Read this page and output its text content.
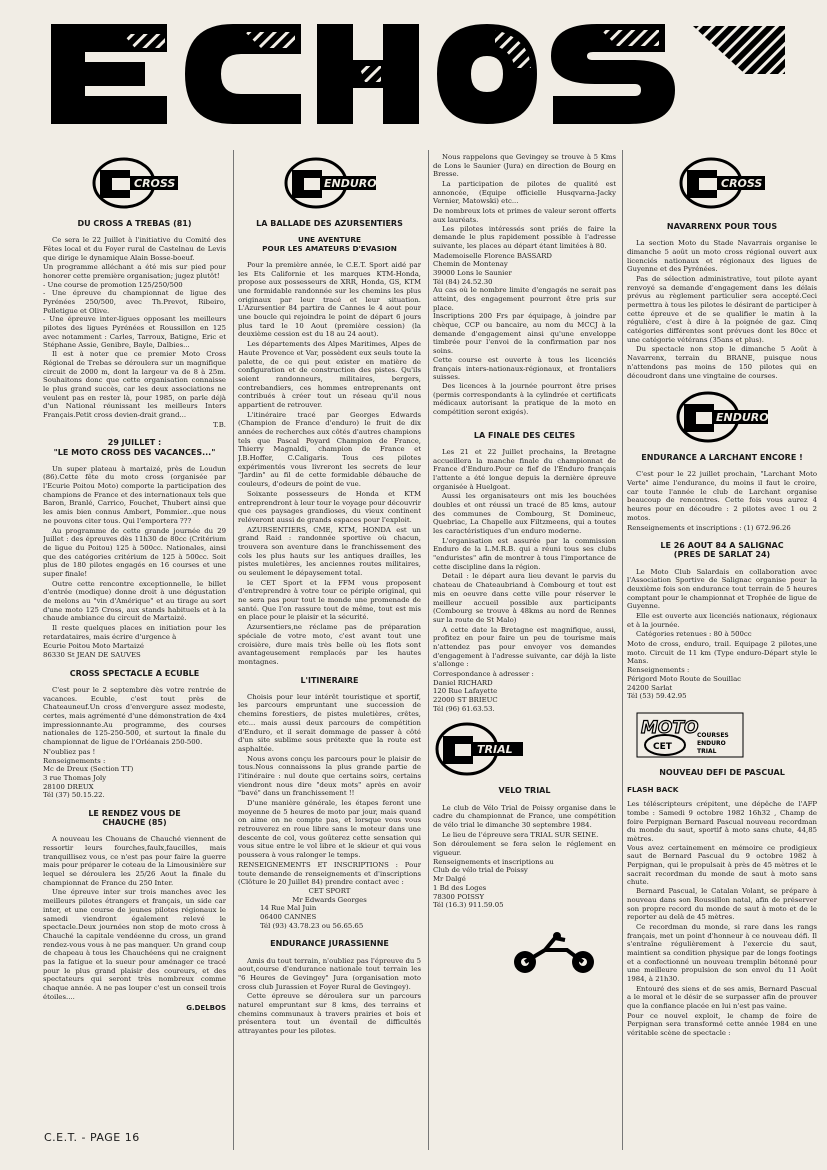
CROSS
DU CROSS A TREBAS (81)
Ce sera le 22 Juillet à l'initiative du Comité des Fêtes local et du Foyer rural de Castelnau de Levis que dirige le dynamique Alain Bosse-boeuf.
Un programme alléchant a été mis sur pied pour honorer cette première organisation; jugez plutôt!
- Une course de promotion 125/250/500
- Une épreuve du championnat de ligue des Pyrénées 250/500, avec Th.Prevot, Ribeiro, Pelletigue et Olive.
- Une épreuve inter-ligues opposant les meilleurs pilotes des ligues Pyrénées et Roussillon en 125 avec notamment : Carles, Tarroux, Batigne, Eric et Stéphane Assie, Genibre, Bayle, Dalbies...
Il est à noter que ce premier Moto Cross Régional de Trebas se déroulera sur un magnifique circuit de 2000 m, dont la largeur va de 8 à 25m. Souhaitons donc que cette organisation connaisse le plus grand succès, car les deux associations ne veulent pas en rester là, pour 1985, on parle déjà d'un National réunissant les meilleurs Inters Français.Petit cross devien-drait grand...
T.B.
29 JUILLET :
"LE MOTO CROSS DES VACANCES..."
Un super plateau à martaizé, près de Loudun (86).Cette fête du moto cross (organisée par l'Ecurie Poitou Moto) comporte la participation des champions de France et des internationaux tels que Baron, Branlé, Carrico, Fouchet, Thubert ainsi que les amis bien connus Ambert, Pommier...que nous ne pouvons citer tous. Qui l'emportera ???
Au programme de cette grande journée du 29 Juillet : des épreuves dès 11h30 de 80cc (Critérium de ligue du Poitou) 125 à 500cc. Nationales, ainsi que des catégories critérium de 125 à 500cc. Soit plus de 180 pilotes engagés en 16 courses et une super finale!
Outre cette rencontre exceptionnelle, le billet d'entrée (modique) donne droit à une dégustation de melons au "vin d'Amérique" et au tirage au sort d'une moto 125 Cross, aux stands habituels et à la chaude ambiance du circuit de Martaizé.
Il reste quelques places en initiation pour les retardataires, mais écrire d'urgence à
Ecurie Poitou Moto Martaizé
86330 St JEAN DE SAUVES
CROSS SPECTACLE A ECUBLE
C'est pour le 2 septembre dès votre rentrée de vacances. Ecuble, c'est tout près de Chateauneuf.Un cross d'envergure assez modeste, certes, mais agrémenté d'une démonstration de 4x4 impressionnante.Au programme, des courses nationales de 125-250-500, et surtout la finale du championnat de ligue de l'Orléanais 250-500.
N'oubliez pas !
Renseignements :
Mc de Dreux (Section TT)
3 rue Thomas Joly
28100 DREUX
Tél (37) 50.15.22.
LE RENDEZ VOUS DE
CHAUCHE (85)
A nouveau les Chouans de Chauché viennent de ressortir leurs fourches,faulx,faucilles, mais tranquillisez vous, ce n'est pas pour faire la guerre mais pour préparer le coteau de la Limousinière sur lequel se déroulera les 25/26 Aout la finale du championnat de France du 250 Inter.
Une épreuve inter sur trois manches avec les meilleurs pilotes étrangers et français, un side car inter, et une course de jeunes pilotes régionaux le samedi viendront également relevé le spectacle.Deux journées non stop de moto cross à Chauché la capitale vendéenne du cross, un grand rendez-vous vous à ne pas manquer. Un grand coup de chapeau à tous les Chauchéens qui ne craignent pas la fatigue et la sueur pour aménager ce tracé pour le plus grand plaisir des coureurs, et des spectateurs qui seront très nombreux comme chaque année. A ne pas louper c'est un conseil trois étoiles....
G.DELBOS
ENDURO
LA BALLADE DES AZURSENTIERS
UNE AVENTURE
POUR LES AMATEURS D'EVASION
Pour la première année, le C.E.T. Sport aidé par les Ets Californie et les marques KTM-Honda, propose aux possesseurs de XRR, Honda, GS, KTM une formidable randonnée sur les chemins les plus originaux par leur tracé et leur situation. L'Azursentier 84 partira de Cannes le 4 aout pour une boucle qui rejoindra le point de départ 6 jours plus tard le 10 Aout (première cession) (la deuxième cession est du 18 au 24 aout).
Les départements des Alpes Maritimes, Alpes de Haute Provence et Var, possèdent eux seuls toute la palette, de ce qui peut exister en matière de configuration et de construction des pistes. Qu'ils soient randonneurs, militaires, bergers, contrebandiers, ces hommes entreprenants ont contribués à créer tout un réseau qu'il nous appartient de retrouver.
L'itinéraire tracé par Georges Edwards (Champion de France d'enduro) le fruit de dix années de recherches aux côtés d'autres champions tels que Pascal Poyard Champion de France, Thierry Magnaldi, champion de France et J.B.Hoffer, C.Caligaris. Tous ces pilotes expérimentés vous livreront les secrets de leur "Jardin" au fil de cette formidable débauche de couleurs, d'odeurs de point de vue.
Soixante possesseurs de Honda et KTM entreprendront à leur tour le voyage pour découvrir que ces paysages grandioses, du vieux continent reléveront aussi de grands espaces pour l'exploit.
AZURSENTIERS, CME, KTM, HONDA est un grand Raid : randonnée sportive où chacun, trouvera son aventure dans le franchissement des cols les plus hauts sur les antiques drailles, les pistes muletières, les anciennes routes militaires, ou seulement le dépaysement total.
le CET Sport et la FFM vous proposent d'entreprendre à votre tour ce périple original, qui ne sera pas pour tout le monde une promenade de santé. Que l'on rassure tout de même, tout est mis en place pour le plaisir et la sécurité.
Azursentiers,ne réclame pas de préparation spéciale de votre moto, c'est avant tout une croisière, dure mais très belle où les flots sont avantageusement remplacés par les hautes montagnes.
L'ITINERAIRE
Choisis pour leur intérêt touristique et sportif, les parcours empruntant une succession de chemins forestiers, de pistes muletières, crêtes, etc... mais aussi deux parcours de compétition d'Enduro, et il serait dommage de passer à côté d'un site sublime sous prétexte que la route est asphaltée.
Nous avons conçu les parcours pour le plaisir de tous.Nous connaissons la plus grande partie de l'itinéraire : nul doute que certains soirs, certains viendront nous dire "deux mots" après en avoir "bavé" dans un franchissement !!
D'une manière générale, les étapes feront une moyenne de 5 heures de moto par jour, mais quand on aime on ne compte pas, et lorsque vous vous retrouverez en roue libre sans le moteur dans une descente de col, vous goûterez cette sensation qui vous situe entre le vol libre et le skieur et qui vous poussera à vous ralonger le temps.
RENSEIGNEMENTS ET INSCRIPTIONS : Pour toute demande de renseignements et d'inscriptions (Clôture le 20 Juillet 84) prendre contact avec :
CET SPORT
Mr Edwards Georges
14 Rue Mal Juin
06400 CANNES
Tél (93) 43.78.23 ou 56.65.65
ENDURANCE JURASSIENNE
Amis du tout terrain, n'oubliez pas l'épreuve du 5 aout,course d'endurance nationale tout terrain les "6 Heures de Gevingey" Jura (organisation moto cross club Jurassien et Foyer Rural de Gevingey).
Cette épreuve se déroulera sur un parcours naturel empruntant sur 8 kms, des terrains et chemins communaux à travers prairies et bois et présentera tout un éventail de difficultés attrayantes pour les pilotes.
Nous rappelons que Gevingey se trouve à 5 Kms de Lons le Saunier (Jura) en direction de Bourg en Bresse.
La participation de pilotes de qualité est annoncée, (Equipe officielle Husqvarna-Jacky Vernier, Matowski) etc...
De nombreux lots et primes de valeur seront offerts aux lauréats.
Les pilotes intéressés sont priés de faire la demande le plus rapidement possible à l'adresse suivante, les places au départ étant limitées à 80.
Mademoiselle Florence BASSARD
Chemin de Montenay
39000 Lons le Saunier
Tél (84) 24.52.30
Au cas où le nombre limite d'engagés ne serait pas atteint, des engagement pourront être pris sur place.
Inscriptions 200 Frs par équipage, à joindre par chèque, CCP ou bancaire, au nom du MCCJ à la demande d'engagement ainsi qu'une enveloppe timbrée pour l'envoi de la confirmation par nos soins.
Cette course est ouverte à tous les licenciés français inters-nationaux-régionaux, et frontaliers suisses.
Des licences à la journée pourront être prises (permis correspondants à la cylindrée et certificats médicaux autorisant la pratique de la moto en compétition seront exigés).
LA FINALE DES CELTES
Les 21 et 22 Juillet prochains, la Bretagne accueillera la manche finale du championnat de France d'Enduro.Pour ce fief de l'Enduro français l'attente a été longue depuis la dernière épreuve organisée à Huelgoat.
Aussi les organisateurs ont mis les bouchées doubles et ont réussi un tracé de 85 kms, autour des communes de Combourg, St Domineuc, Quebriac, La Chapelle aux Filtzmeens, qui a toutes les caractéristiques d'un enduro moderne.
L'organisation est assurée par la commission Enduro de la L.M.R.B. qui a réuni tous ses clubs "enduristes" afin de montrer à tous l'importance de cette discipline dans la région.
Detail : le départ aura lieu devant le parvis du chateau de Chateaubriand à Combourg et tout est mis en oeuvre dans cette ville pour réserver le meilleur accueil possible aux participants (Combourg se trouve à 48kms au nord de Rennes sur la route de St Malo)
A cette date la Bretagne est magnifique, aussi, profitez en pour faire un peu de tourisme mais n'attendez pas pour envoyer vos demandes d'engagement à l'adresse suivante, car déjà la liste s'allonge :
Correspondance à adresser :
Daniel RICHARD
120 Rue Lafayette
22000 ST BRIEUC
Tél (96) 61.63.53.
TRIAL
VELO TRIAL
Le club de Vélo Trial de Poissy organise dans le cadre du championnat de France, une compétition de vélo trial le dimanche 30 septembre 1984.
Le lieu de l'épreuve sera TRIAL SUR SEINE.
Son déroulement se fera selon le réglement en vigueur.
Renseignements et inscriptions au
Club de vélo trial de Poissy
Mr Dalgé
1 Bd des Loges
78300 POISSY
Tél (16.3) 911.59.05
CROSS
NAVARRENX POUR TOUS
La section Moto du Stade Navarrais organise le dimanche 5 août un moto cross régional ouvert aux licenciés nationaux et régionaux des ligues de Guyenne et des Pyrénées.
Pas de sélection administrative, tout pilote ayant renvoyé sa demande d'engagement dans les délais prévus au règlement particulier sera accepté.Ceci permettra à tous les pilotes le désirant de participer à cette épreuve et de se qualifier le matin à la régulière, c'est à dire à la poignée de gaz. Cinq catégories différentes sont prévues dont les 80cc et une catégorie vétérans (35ans et plus).
Du spectacle non stop le dimanche 5 Août à Navarrenx, terrain du BRANE, puisque nous n'attendons pas moins de 150 pilotes qui en découdront dans une vingtaine de courses.
ENDURO
ENDURANCE A LARCHANT ENCORE !
C'est pour le 22 juillet prochain, "Larchant Moto Verte" aime l'endurance, du moins il faut le croire, car toute l'année le club de Larchant organise beaucoup de rencontres. Cette fois vous aurez 4 heures pour en découdre : 2 pilotes avec 1 ou 2 motos.
Renseignements et inscriptions : (1) 672.96.26
LE 26 AOUT 84 A SALIGNAC
(PRES DE SARLAT 24)
Le Moto Club Salardais en collaboration avec l'Association Sportive de Salignac organise pour la deuxième fois son endurance tout terrain de 5 heures comptant pour le championnat et Trophée de ligue de Guyenne.
Elle est ouverte aux licenciés nationaux, régionaux et à la journée.
Catégories retenues : 80 à 500cc
Moto de cross, enduro, trail. Equipage 2 pilotes,une moto. Circuit de 11 km (Type enduro-Départ style le Mans.
Renseignements :
Périgord Moto Route de Souillac
24200 Sarlat
Tél (53) 59.42.95
MOTO
CET
COURSES
ENDURO
TRIAL
NOUVEAU DEFI DE PASCUAL
FLASH BACK
Les téléscripteurs crépitent, une dépêche de l'AFP tombe : Samedi 9 octobre 1982 16h32 , Champ de foire Perpignan Bernard Pascual nouveau recordman du monde du saut, sportif à moto sans chute, 44,85 mètres.
Vous avez certainement en mémoire ce prodigieux saut de Bernard Pascual du 9 octobre 1982 à Perpignan, qui le propulsait à près de 45 mètres et le sacrait recordman du monde de saut à moto sans chute.
Bernard Pascual, le Catalan Volant, se prépare à nouveau dans son Roussillon natal, afin de préserver son propre record du monde de saut à moto et de le reporter au delà de 45 mètres.
Ce recordman du monde, si rare dans les rangs français, met un point d'honneur à ce nouveau défi. Il s'entraîne régulièrement à l'exercie du saut, maintient sa condition physique par de longs footings et a confectionné un nouveau tremplin bétonné pour une meilleure propulsion de son envol du 11 Août 1984, à 21h30.
Entouré des siens et de ses amis, Bernard Pascual a le moral et le désir de se surpasser afin de prouver que la confiance placée en lui n'est pas vaine.
Pour ce nouvel exploit, le champ de foire de Perpignan sera transformé cette année 1984 en une véritable scène de spectacle :
C.E.T. - PAGE 16
